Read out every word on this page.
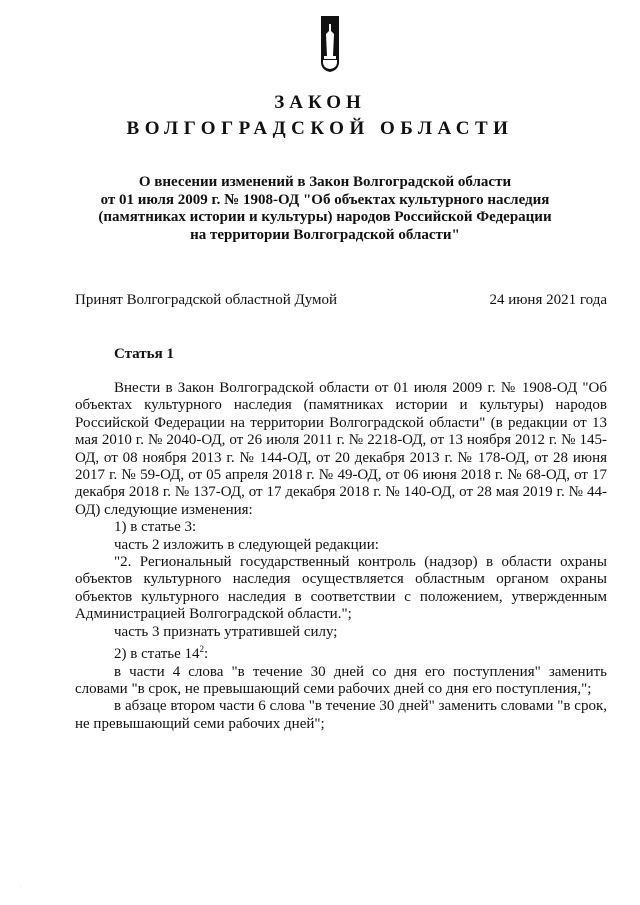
ЗАКОН
ВОЛГОГРАДСКОЙ ОБЛАСТИ
О внесении изменений в Закон Волгоградской области
от 01 июля 2009 г. № 1908-ОД "Об объектах культурного наследия
(памятниках истории и культуры) народов Российской Федерации
на территории Волгоградской области"
Принят Волгоградской областной Думой	24 июня 2021 года
Статья 1

Внести в Закон Волгоградской области от 01 июля 2009 г. № 1908-ОД "Об объектах культурного наследия (памятниках истории и культуры) народов Российской Федерации на территории Волгоградской области" (в редакции от 13 мая 2010 г. № 2040-ОД, от 26 июля 2011 г. № 2218-ОД, от 13 ноября 2012 г. № 145-ОД, от 08 ноября 2013 г. № 144-ОД, от 20 декабря 2013 г. № 178-ОД, от 28 июня 2017 г. № 59-ОД, от 05 апреля 2018 г. № 49-ОД, от 06 июня 2018 г. № 68-ОД, от 17 декабря 2018 г. № 137-ОД, от 17 декабря 2018 г. № 140-ОД, от 28 мая 2019 г. № 44-ОД) следующие изменения:

1) в статье 3:

часть 2 изложить в следующей редакции:

"2. Региональный государственный контроль (надзор) в области охраны объектов культурного наследия осуществляется областным органом охраны объектов культурного наследия в соответствии с положением, утвержденным Администрацией Волгоградской области.";

часть 3 признать утратившей силу;

2) в статье $14^2$:

в части 4 слова "в течение 30 дней со дня его поступления" заменить словами "в срок, не превышающий семи рабочих дней со дня его поступления,";

в абзаце втором части 6 слова "в течение 30 дней" заменить словами "в срок, не превышающий семи рабочих дней";

·
